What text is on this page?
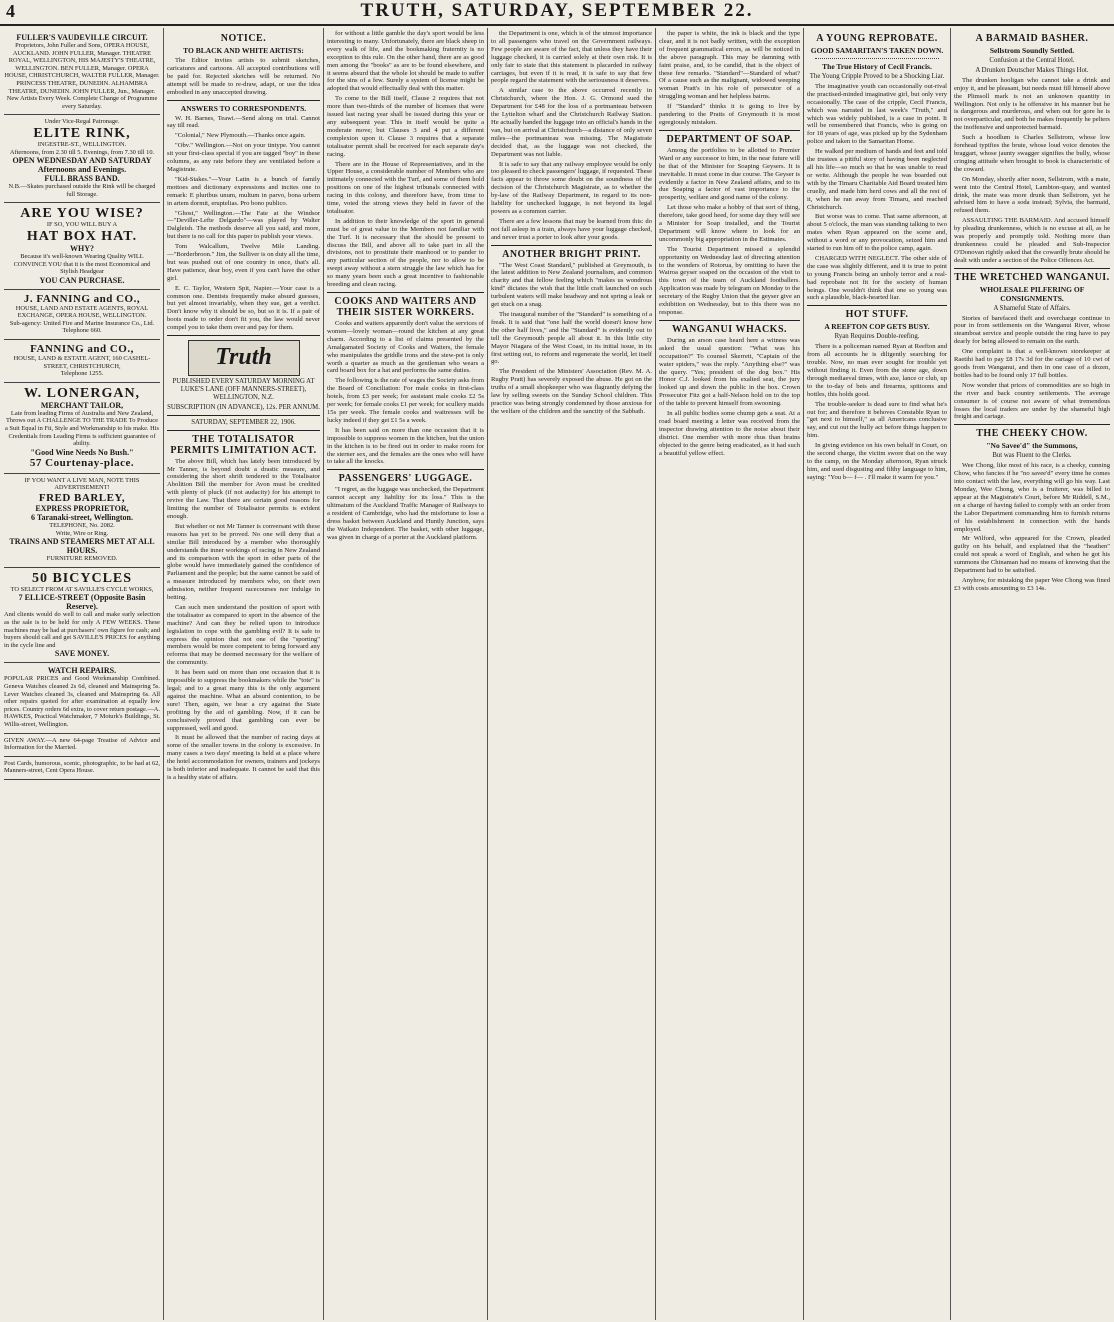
4	TRUTH, SATURDAY, SEPTEMBER 22.
FULLER'S VAUDEVILLE CIRCUIT.
Proprietors, John Fuller and Sons, OPERA HOUSE, AUCKLAND. JOHN FULLER, Manager. THEATRE ROYAL, WELLINGTON, HIS MAJESTY'S THEATRE, WELLINGTON. BEN FULLER, Manager. OPERA HOUSE, CHRISTCHURCH, WALTER FULLER, Manager. PRINCESS THEATRE, DUNEDIN. ALHAMBRA THEATRE, DUNEDIN. JOHN FULLER, Jun., Manager. New Artists Every Week. Complete Change of Programme every Saturday.
Under Vice-Regal Patronage.
ELITE RINK,
INGESTRE-ST., WELLINGTON.
Afternoons, from 2.30 till 5. Evenings, from 7.30 till 10.
OPEN WEDNESDAY AND SATURDAY Afternoons and Evenings.
FULL BRASS BAND.
N.B.—Skates purchased outside the Rink will be charged full Storage.
ARE YOU WISE?
IF SO, YOU WILL BUY A
HAT BOX HAT.
WHY?
Because it's well-known Wearing Quality WILL CONVINCE YOU that it is the most Economical and Stylish Headgear
YOU CAN PURCHASE.
J. FANNING and CO.,
HOUSE, LAND AND ESTATE AGENTS, ROYAL EXCHANGE, OPERA HOUSE, WELLINGTON.
Sub-agency: United Fire and Marine Insurance Co., Ltd. Telephone 660.
FANNING and CO.,
HOUSE, LAND & ESTATE AGENT, 160 CASHEL-STREET, CHRISTCHURCH,
Telephone 1255.
W. LONERGAN,
MERCHANT TAILOR,
Late from leading Firms of Australia and New Zealand,
Throws out A CHALLENGE TO THE TRADE To Produce a Suit Equal in Fit, Style and Workmanship to his make. His Credentials from Leading Firms is sufficient guarantee of ability.
"Good Wine Needs No Bush."
57 Courtenay-place.
IF YOU WANT A LIVE MAN, NOTE THIS ADVERTISEMENT!
FRED BARLEY,
EXPRESS PROPRIETOR,
6 Taranaki-street, Wellington.
TELEPHONE, No. 2082.
Write, Wire or Ring.
TRAINS AND STEAMERS MET AT ALL HOURS.
FURNITURE REMOVED.
50 BICYCLES
TO SELECT FROM AT SAVILLE'S CYCLE WORKS,
7 ELLICE-STREET (Opposite Basin Reserve).
And clients would do well to call and make early selection as the sale is to be held for only A FEW WEEKS. These machines may be had at purchasers' own figure for cash; and buyers should call and get SAVILLE'S PRICES for anything in the cycle line and
SAVE MONEY.
WATCH REPAIRS.
POPULAR PRICES and Good Workmanship Combined. Geneva Watches cleaned 2s 6d, cleaned and Mainspring 5s. Lever Watches cleaned 3s, cleaned and Mainspring 6s. All other repairs quoted for after examination at equally low prices. Country orders 6d extra, to cover return postage.—A. HAWKES, Practical Watchmaker, 7 Moturk's Buildings, St. Willis-street, Wellington.
GIVEN AWAY.—A new 64-page Treatise of Advice and Information for the Married.
Post Cards, humorous, scenic, photographic, to be had at 62, Manners-street, Cent Opera House.
NOTICE.
TO BLACK AND WHITE ARTISTS:

The Editor invites artists to submit sketches, caricatures and cartoons. All accepted contributions will be paid for. Rejected sketches will be returned. No attempt will be made to re-draw, adapt, or use the idea embodied in any unaccepted drawing.

ANSWERS TO CORRESPONDENTS.

W. H. Barnes, Teawi.—Send along on trial. Cannot say till read.

"Colonial," New Plymouth.—Thanks once again.

"Obv." Wellington.—Not on your tintype. You cannot sit your first-class special if you are tagged "boy" in these columns, as any rate before they are ventilated before a Magistrate.

"Kid-Stakes."—Your Latin is a bunch of family mottoes and dictionary expressions and incites one to remark: E pluribus unum, multum in parvo, bona urbem in artem dormit, eruptelias. Pro bono publico.

"Ghost," Wellington.—The Fate at the Windsor—"Deviller-Lefte Delgardo"—was played by Walter Dalgleish. The methods deserve all you said, and more, but there is no call for this paper to publish your views.

Tom Walcallum, Twelve Mile Landing.—"Borderbroon." Jim, the Sulliver is on duty all the time, but was pushed out of one country in once, that's all. Have patience, dear boy, even if you can't have the other girl.

E. C. Taylor, Western Spit, Napier.—Your case is a common one. Dentists frequently make absurd guesses, but yet almost invariably, when they sue, get a verdict. Don't know why it should be so, but so it is. If a pair of boots made to order don't fit you, the law would never compel you to take them over and pay for them.

Truth
PUBLISHED EVERY SATURDAY MORNING AT LUKE'S LANE (OFF MANNERS-STREET), WELLINGTON, N.Z.
SUBSCRIPTION (IN ADVANCE), 12s. PER ANNUM.
SATURDAY, SEPTEMBER 22, 1906.
THE TOTALISATOR PERMITS LIMITATION ACT.

The above Bill, which has lately been introduced by Mr Tanner, is beyond doubt a drastic measure, and considering the short shrift tendered to the Totalisator Abolition Bill the member for Avon must be credited with plenty of pluck (if not audacity) for his attempt to revive the Law. That there are certain good reasons for limiting the number of Totalisator permits is evident enough.

But whether or not Mr Tanner is conversant with these reasons has yet to be proved. No one will deny that a similar Bill introduced by a member who thoroughly understands the inner workings of racing in New Zealand and its comparison with the sport in other parts of the globe would have immediately gained the confidence of Parliament and the people; but the same cannot be said of a measure introduced by members who, on their own admission, neither frequent racecourses nor indulge in betting.

Can such men understand the position of sport with the totalisator as compared to sport in the absence of the machine? And can they be relied upon to introduce legislation to cope with the gambling evil? It is safe to express the opinion that not one of the "sporting" members would be more competent to bring forward any reforms that may be deemed necessary for the welfare of the community.

It has been said on more than one occasion that it is impossible to suppress the bookmakers while the "tote" is legal; and to a great many this is the only argument against the machine. What an absurd contention, to be sure! Then, again, we hear a cry against the State profiting by the aid of gambling. Now, if it can be conclusively proved that gambling can ever be suppressed, well and good.

It must be allowed that the number of racing days at some of the smaller towns in the colony is excessive. In many cases a two days' meeting is held at a place where the hotel accommodation for owners, trainers and jockeys is both inferior and inadequate. It cannot be said that this is a healthy state of affairs.

for without a little gamble the day's sport would be less interesting to many. Unfortunately, there are black sheep in every walk of life, and the bookmaking fraternity is no exception to this rule. On the other hand, there are as good men among the "books" as are to be found elsewhere, and it seems absurd that the whole lot should be made to suffer for the sins of a few. Surely a system of license might be adopted that would effectually deal with this matter.

To come to the Bill itself, Clause 2 requires that not more than two-thirds of the number of licenses that were issued last racing year shall be issued during this year or any subsequent year. This in itself would be quite a moderate move; but Clauses 3 and 4 put a different complexion upon it. Clause 3 requires that a separate totalisator permit shall be received for each separate day's racing.

There are in the House of Representatives, and in the Upper House, a considerable number of Members who are intimately connected with the Turf, and some of them hold positions on one of the highest tribunals connected with racing in this colony, and therefore have, from time to time, voted the strong views they held in favor of the totalisator.

In addition to their knowledge of the sport in general must be of great value to the Members not familiar with the Turf. It is necessary that the should be present to discuss the Bill, and above all to take part in all the divisions, not to prostitute their manhood or to pander to any particular section of the people, nor to allow to be swept away without a stern struggle the law which has for so many years been such a great incentive to fashionable breeding and clean racing.

COOKS AND WAITERS AND THEIR SISTER WORKERS.

Cooks and waiters apparently don't value the services of women—lovely woman—round the kitchen at any great charm. According to a list of claims presented by the Amalgamated Society of Cooks and Waiters, the female who manipulates the griddle irons and the stew-pot is only worth a quarter as much as the gentleman who wears a card board box for a hat and performs the same duties.

The following is the rate of wages the Society asks from the Board of Conciliation: For male cooks in first-class hotels, from £3 per week; for assistant male cooks £2 5s per week; for female cooks £1 per week; for scullery maids 15s per week. The female cooks and waitresses will be lucky indeed if they get £1 5s a week.

It has been said on more than one occasion that it is impossible to suppress women in the kitchen, but the union in the kitchen is to be fired out in order to make room for the sterner sex, and the females are the ones who will have to take all the knocks.

PASSENGERS' LUGGAGE.

"I regret, as the luggage was unchecked, the Department cannot accept any liability for its loss." This is the ultimatum of the Auckland Traffic Manager of Railways to a resident of Cambridge, who had the misfortune to lose a dress basket between Auckland and Huntly Junction, says the Waikato Independent. The basket, with other luggage, was given in charge of a porter at the Auckland platform.

the Department is one, which is of the utmost importance to all passengers who travel on the Government railways. Few people are aware of the fact, that unless they have their luggage checked, it is carried solely at their own risk. It is only fair to state that this statement is placarded in railway carriages, but even if it is read, it is safe to say that few people regard the statement with the seriousness it deserves.

A similar case to the above occurred recently in Christchurch, where the Hon. J. G. Ormond sued the Department for £48 for the loss of a portmanteau between the Lyttelton wharf and the Christchurch Railway Station. He actually handed the luggage into an official's hands in the van, but on arrival at Christchurch—a distance of only seven miles—the portmanteau was missing. The Magistrate decided that, as the luggage was not checked, the Department was not liable.

It is safe to say that any railway employee would be only too pleased to check passengers' luggage, if requested. These facts appear to throw some doubt on the soundness of the decision of the Christchurch Magistrate, as to whether the by-law of the Railway Department, in regard to its non-liability for unchecked luggage, is not beyond its legal powers as a common carrier.

There are a few lessons that may be learned from this: do not fall asleep in a train, always have your luggage checked, and never trust a porter to look after your goods.

ANOTHER BRIGHT PRINT.

"The West Coast Standard," published at Greymouth, is the latest addition to New Zealand journalism, and common charity and that fellow feeling which "makes us wondrous kind" dictates the wish that the little craft launched on such turbulent waters will make headway and not spring a leak or get stuck on a snag.

The inaugural number of the "Standard" is something of a freak. It is said that "one half the world doesn't know how the other half lives," and the "Standard" is evidently out to tell the Greymouth people all about it. In this little city Mayor Niagara of the West Coast, in its initial issue, in its first setting out, to reform and regenerate the world, let itself go.

The President of the Ministers' Association (Rev. M. A. Rugby Pratt) has severely exposed the abuse. He got on the truths of a small shopkeeper who was flagrantly defying the law by selling sweets on the Sunday School children. This practice was being strongly condemned by those anxious for the welfare of the children and the sanctity of the Sabbath.

the paper is white, the ink is black and the type clear, and it is not badly written, with the exception of frequent grammatical errors, as will be noticed in the above paragraph. This may be damning with faint praise, and, to be candid, that is the object of these few remarks. "Standard"—Standard of what? Of a cause such as the malignant, widowed weeping woman Pratt's in his role of persecutor of a struggling woman and her helpless bairns.

If "Standard" thinks it is going to live by pandering to the Pratts of Greymouth it is most egregiously mistaken.

DEPARTMENT OF SOAP.

Among the portfolios to be allotted to Premier Ward or any successor to him, in the near future will be that of the Minister for Soaping Geysers. It is inevitable. It must come in due course. The Geyser is evidently a factor in New Zealand affairs, and to its due Soaping a factor of vast importance to the prosperity, welfare and good name of the colony.

Let those who make a hobby of that sort of thing, therefore, take good heed, for some day they will see a Minister for Soap installed, and the Tourist Department will know where to look for an uncommonly big appropriation in the Estimates.

The Tourist Department missed a splendid opportunity on Wednesday last of directing attention to the wonders of Rotorua, by omitting to have the Wairoa geyser soaped on the occasion of the visit to this town of the team of Auckland footballers. Application was made by telegram on Monday to the secretary of the Rugby Union that the geyser give an exhibition on Wednesday, but to this there was no response.

WANGANUI WHACKS.

During an arson case heard here a witness was asked the usual question: "What was his occupation?" To counsel Skerrett, "Captain of the water spiders," was the reply. "Anything else?" was the query. "Yes; president of the dog box." His Honor C.J. looked from his exalted seat, the jury looked up and down the public in the box. Crown Prosecutor Fitz got a half-Nelson hold on to the top of the table to prevent himself from swooning.

In all public bodies some chump gets a seat. At a road board meeting a letter was received from the inspector drawing attention to the noise about their district. One member with more rhus than brains objected to the genre being eradicated, as it had such a beautiful yellow effect.

A YOUNG REPROBATE.
GOOD SAMARITAN'S TAKEN DOWN.
The True History of Cecil Francis.
The Young Cripple Proved to be a Shocking Liar.

The imaginative youth can occasionally out-rival the practised-minded imaginative girl, but only very occasionally. The case of the cripple, Cecil Francis, which was narrated in last week's "Truth," and which was widely published, is a case in point. It will be remembered that Francis, who is going on for 18 years of age, was picked up by the Sydenham police and taken to the Samaritan Home.

He walked per medium of hands and feet and told the trustees a pitiful story of having been neglected all his life—so much so that he was unable to read or write. Although the people he was boarded out with by the Timaru Charitable Aid Board treated him cruelly, and made him herd cows and all the rest of it, when he ran away from Timaru, and reached Christchurch.

But worse was to come. That same afternoon, at about 5 o'clock, the man was standing talking to two mates when Ryan appeared on the scene and, without a word or any provocation, seized him and started to run him off to the police camp, again.

CHARGED WITH NEGLECT. The other side of the case was slightly different, and it is true to point to young Francis being an unholy terror and a real-bad reprobate not fit for the society of human beings. One wouldn't think that one so young was such a plausible, black-hearted liar.

HOT STUFF.
A REEFTON COP GETS BUSY.
Ryan Requires Double-reefing.

There is a policeman named Ryan at Reefton and from all accounts he is diligently searching for trouble. Now, no man ever sought for trouble yet without finding it. Even from the stone age, down through mediaeval times, with axe, lance or club, up to the to-day of bets and firearms, spittoons and bottles, this holds good.

The trouble-seeker is dead sure to find what he's out for; and therefore it behoves Constable Ryan to "get next to himself," as all Americans conclusive say, and cut out the bully act before things happen to him.

In giving evidence on his own behalf in Court, on the second charge, the victim swore that on the way to the camp, on the Monday afternoon, Ryan struck him, and used disgusting and filthy language to him, saying: "You b— f— . I'll make it warm for you."

A BARMAID BASHER.
Sellstrom Soundly Settled.
Confusion at the Central Hotel.
A Drunken Deutscher Makes Things Hot.

The drunken hooligan who cannot take a drink and enjoy it, and be pleasant, but needs must fill himself above the Plimsoll mark is not an unknown quantity in Wellington. Not only is he offensive in his manner but he is dangerous and murderous, and when out for gore he is not overparticular, and both he makes frequently he pelters the inoffensive and unprotected barmaid.

Such a hoodlum is Charles Sellstrom, whose low forehead typifies the brute, whose loud voice denotes the braggart, whose jaunty swagger signifies the bully, whose cringing attitude when brought to book is characteristic of the coward.

On Monday, shortly after noon, Sellstrom, with a mate, went into the Central Hotel, Lambton-quay, and wanted drink, the mate was more drunk than Sellstrom, yet he advised him to have a soda instead; Sylvia, the barmaid, refused them.

ASSAULTING THE BARMAID. And accused himself by pleading drunkenness, which is no excuse at all, as he was properly and promptly told. Nothing more than drunkenness could be pleaded and Sub-Inspector O'Donovan rightly asked that the cowardly brute should be dealt with under a section of the Police Offences Act.

THE WRETCHED WANGANUI.
WHOLESALE PILFERING OF CONSIGNMENTS.
A Shameful State of Affairs.

Stories of barefaced theft and overcharge continue to pour in from settlements on the Wanganui River, whose steamboat service and people outside the ring have to pay dearly for being allowed to remain on the earth.

One complaint is that a well-known storekeeper at Raetihi had to pay £8 17s 3d for the cartage of 10 cwt of goods from Wanganui, and then in one case of a dozen, bottles had to be found only 17 full bottles.

Now wonder that prices of commodities are so high in the river and back country settlements. The average consumer is of course not aware of what tremendous losses the local traders are under by the shameful high freight and cartage.

THE CHEEKY CHOW.
"No Savee'd" the Summons,
But was Fluent to the Clerks.

Wee Chong, like most of his race, is a cheeky, cunning Chow, who fancies if he "no savee'd" every time he comes into contact with the law, everything will go his way. Last Monday, Wee Chong, who is a fruiterer, was billed to appear at the Magistrate's Court, before Mr Riddell, S.M., on a charge of having failed to comply with an order from the Labor Department commanding him to furnish returns of his establishment in connection with the hands employed.

Mr Wilford, who appeared for the Crown, pleaded guilty on his behalf, and explained that the "heathen" could not speak a word of English, and when he got his summons the Chinaman had no means of knowing that the Department had to be satisfied.

Anyhow, for mistaking the paper Wee Chong was fined £3 with costs amounting to £3 14s.
